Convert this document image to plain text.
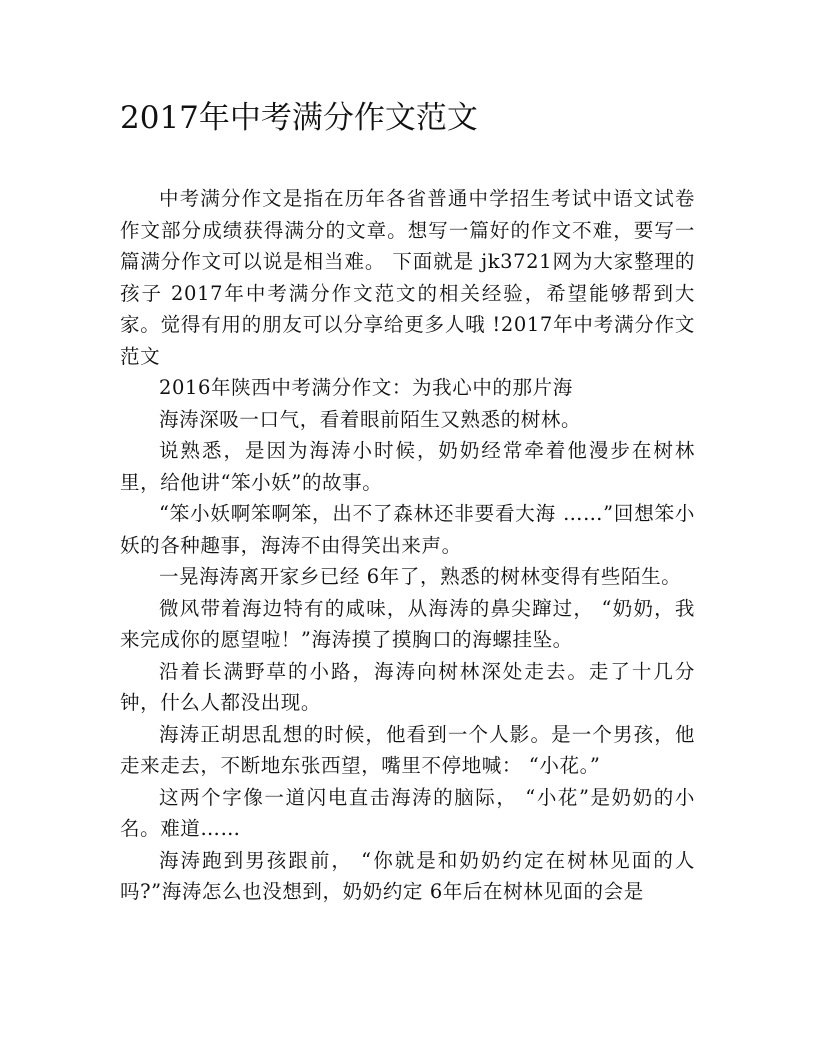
2017年中考满分作文范文

中考满分作文是指在历年各省普通中学招生考试中语文试卷作文部分成绩获得满分的文章。想写一篇好的作文不难，要写一篇满分作文可以说是相当难。 下面就是 jk3721网为大家整理的孩子 2017年中考满分作文范文的相关经验，希望能够帮到大家。觉得有用的朋友可以分享给更多人哦 !2017年中考满分作文范文

2016年陕西中考满分作文：为我心中的那片海

海涛深吸一口气，看着眼前陌生又熟悉的树林。

说熟悉，是因为海涛小时候，奶奶经常牵着他漫步在树林里，给他讲“笨小妖”的故事。

“笨小妖啊笨啊笨，出不了森林还非要看大海 ……”回想笨小妖的各种趣事，海涛不由得笑出来声。

一晃海涛离开家乡已经 6年了，熟悉的树林变得有些陌生。

微风带着海边特有的咸味，从海涛的鼻尖蹿过， “奶奶，我来完成你的愿望啦！”海涛摸了摸胸口的海螺挂坠。

沿着长满野草的小路，海涛向树林深处走去。走了十几分钟，什么人都没出现。

海涛正胡思乱想的时候，他看到一个人影。是一个男孩，他走来走去，不断地东张西望，嘴里不停地喊： “小花。”

这两个字像一道闪电直击海涛的脑际， “小花”是奶奶的小名。难道……

海涛跑到男孩跟前， “你就是和奶奶约定在树林见面的人吗?”海涛怎么也没想到，奶奶约定 6年后在树林见面的会是
